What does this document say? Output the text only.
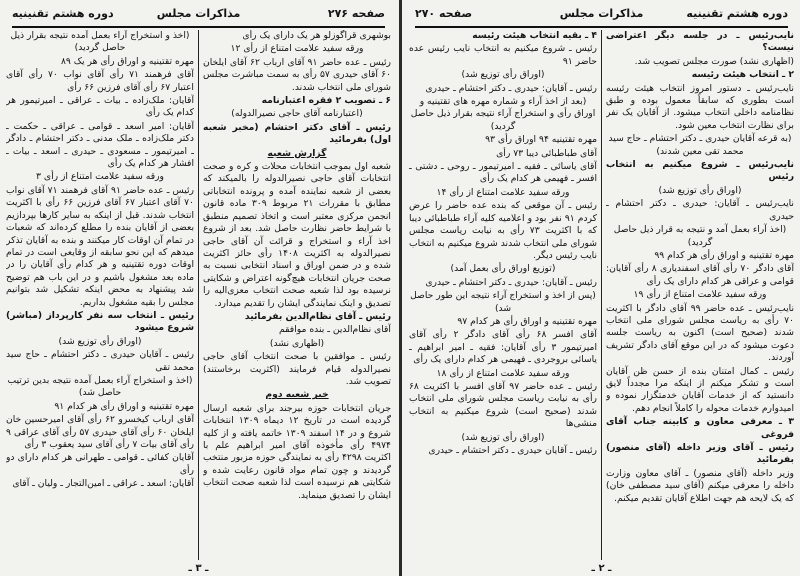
صفحه ۲۷۶
مذاکرات مجلس
دوره هشتم تقنینیه

بوشهری قراگوزلو هر یک دارای یک رأی

ورقه سفید علامت امتناع از رأی ۱۲

رئیس ـ عده حاضر ۹۱ آقای ارباب ۶۲ آقای ایلخان ۶۰ آقای حیدری ۵۷ رأی به سمت مباشرت مجلس شورای ملی انتخاب شدند.

۶ ـ تصویب ۲ فقره اعتبارنامه

(اعتبارنامه آقای حاجی نصیرالدوله)

رئیس ـ آقای دکتر احتشام (مخبر شعبه اول) بفرمائید

گزارش شعبه

شعبه اول بموجب انتخابات محلات و کره و صحت انتخابات آقای حاجی نصیرالدوله را بالمیکند که بعضی از شعبه نماینده آمده و پرونده انتخاباتی مطابق با مقررات ۲۱ مربوط ۳۰۹ ماده قانون انجمن مرکزی معتبر است و اتخاذ تصمیم منطبق با شرایط حاضر نظارت حاصل شد. بعد از شروع اخذ آراء و استخراج و قرائت آن آقای حاجی نصیرالدوله به اکثریت ۱۴۰۸ رأی حائز اکثریت شده و در ضمن اوراق و اسناد انتخابی نسبت به صحت جریان انتخابات هیچ‌گونه اعتراض و شکایتی نرسیده بود لذا شعبه صحت انتخاب معزی‌الیه را تصدیق و اینک نمایندگی ایشان را تقدیم میدارد.

رئیس ـ آقای نظام‌الدین بفرمائید

آقای نظام‌الدین ـ بنده موافقم

(اظهاری نشد)

رئیس ـ موافقین با صحت انتخاب آقای حاجی نصیرالدوله قیام فرمایند (اکثریت برخاستند) تصویب شد.

خبر شعبه دوم

جریان انتخابات حوزه بیرجند برای شعبه ارسال گردیده است در تاریخ ۱۲ دیماه ۱۳۰۹ انتخابات شروع و در ۱۴ اسفند ۱۳۰۹ خاتمه یافته و از کلیه ۴۹۷۴ رأی مأخوذه آقای امیر ابراهیم علم با اکثریت ۴۲۹۸ رأی به نمایندگی حوزه مزبور منتخب گردیدند و چون تمام مواد قانون رعایت شده و شکایتی هم نرسیده است لذا شعبه صحت انتخاب ایشان را تصدیق مینماید.

(اخذ و استخراج آراء بعمل آمده نتیجه بقرار ذیل حاصل گردید)

مهره تقتینیه و اوراق رأی هر یک ۸۹

آقای فرهمند ۷۱ رأی آقای نواب ۷۰ رأی آقای اعتبار ۶۷ رأی آقای فرزین ۶۶ رأی

آقایان: ملک‌زاده ـ بیات ـ عراقی ـ امیرتیمور هر کدام یک رأی

آقایان: امیر اسعد ـ قوامی ـ عراقی ـ حکمت ـ دکتر ملک‌زاده ـ ملک مدنی ـ دکتر احتشام ـ دادگر ـ امیرتیمور ـ مسعودی ـ حیدری ـ اسعد ـ بیات ـ افشار هر کدام یک رأی

ورقه سفید علامت امتناع از رأی ۳

رئیس ـ عده حاضر ۹۱ آقای فرهمند ۷۱ آقای نواب ۷۰ آقای اعتبار ۶۷ آقای فرزین ۶۶ رأی با اکثریت انتخاب شدند. قبل از اینکه به سایر کارها بپردازیم بعضی از آقایان بنده را مطلع کرده‌اند که شعبات در تمام آن اوقات کار میکنند و بنده به آقایان تذکر میدهم که این نحو سابقه از وقایعی است در تمام اوقات دوره تقتینیه و هر کدام رأی آقایان را در ماده بعد مشغول باشیم و در این باب هم توضیح شد پیشنهاد به محض اینکه تشکیل شد بتوانیم مجلس را بقیه مشغول بداریم.

رئیس ـ انتخاب سه نفر کارپرداز (مباشر) شروع میشود

(اوراق رأی توزیع شد)

رئیس ـ آقایان حیدری ـ دکتر احتشام ـ حاج سید محمد تقی

(اخذ و استخراج آراء بعمل آمده نتیجه بدین ترتیب حاصل شد)

مهره تقتینیه و اوراق رأی هر کدام ۹۱

آقای ارباب کیخسرو ۶۲ رأی آقای امیرحسین خان ایلخان ۶۰ رأی آقای حیدری ۵۷ رأی آقای عراقی ۹ رأی آقای بیات ۷ رأی آقای سید یعقوب ۳ رأی

آقایان کفائی ـ قوامی ـ طهرانی هر کدام دارای دو رأی

آقایان: اسعد ـ عراقی ـ امین‌التجار ـ ولیان ـ آقای

ـ ۳ ـ
دوره هشتم تقنینیه
مذاکرات مجلس
صفحه ۲۷۰

نایب‌رئیس ـ در جلسه دیگر اعتراضی نیست؟

(اظهاری نشد) صورت مجلس تصویب شد.

۲ ـ انتخاب هیئت رئیسه

نایب‌رئیس ـ دستور امروز انتخاب هیئت رئیسه است بطوری که سابقاً معمول بوده و طبق نظامنامه داخلی انتخاب میشود. از آقایان یک نفر برای نظارت انتخاب معین شود.

(به قرعه آقایان حیدری ـ دکتر احتشام ـ حاج سید محمد تقی معین شدند)

نایب‌رئیس ـ شروع میکنیم به انتخاب رئیس

(اوراق رأی توزیع شد)

نایب‌رئیس ـ آقایان: حیدری ـ دکتر احتشام ـ حیدری

(اخذ آراء بعمل آمد و نتیجه به قرار ذیل حاصل گردید)

مهره تقتینیه و اوراق رأی هر کدام ۹۹

آقای دادگر ۷۰ رأی آقای اسفندیاری ۸ رأی آقایان: قوامی و عراقی هر کدام دارای یک رأی

ورقه سفید علامت امتناع از رأی ۱۹

نایب‌رئیس ـ عده حاضر ۹۹ آقای دادگر با اکثریت ۷۰ رأی به ریاست مجلس شورای ملی انتخاب شدند (صحیح است) اکنون به ریاست جلسه دعوت میشود که در این موقع آقای دادگر تشریف آوردند.

رئیس ـ کمال امتنان بنده از حسن ظن آقایان است و تشکر میکنم از اینکه مرا مجدداً لایق دانستید که از خدمات آقایان خدمتگزار نموده و امیدوارم خدمات محوله را کاملاً انجام دهم.

۳ ـ معرفی معاون و کابینه جناب آقای فروغی

رئیس ـ آقای وزیر داخله (آقای منصور) بفرمائید

وزیر داخله (آقای منصور) ـ آقای معاون وزارت داخله را معرفی میکنم (آقای سید مصطفی خان) که یک لایحه هم جهت اطلاع آقایان تقدیم میکنم.

۴ ـ بقیه انتخاب هیئت رئیسه

رئیس ـ شروع میکنیم به انتخاب نایب رئیس عده حاضر ۹۱

(اوراق رأی توزیع شد)

رئیس ـ آقایان: حیدری ـ دکتر احتشام ـ حیدری

(بعد از اخذ آراء و شماره مهره های تقتینیه و اوراق رأی و استخراج آراء نتیجه بقرار ذیل حاصل گردید)

مهره تقتینیه ۹۴ اوراق رأی ۹۳

آقای طباطبائی دیبا ۷۳ رأی

آقای یاسائی ـ فقیه ـ امیرتیمور ـ روحی ـ دشتی ـ افسر ـ فهیمی هر کدام یک رأی

ورقه سفید علامت امتناع از رأی ۱۴

رئیس ـ آن موقعی که بنده عده حاضر را عرض کردم ۹۱ نفر بود و اعلامیه کلیه آراء طباطبائی دیبا که با اکثریت ۷۳ رأی به نیابت ریاست مجلس شورای ملی انتخاب شدند شروع میکنیم به انتخاب نایب رئیس دیگر.

(توزیع اوراق رأی بعمل آمد)

رئیس ـ آقایان: حیدری ـ دکتر احتشام ـ حیدری

(پس از اخذ و استخراج آراء نتیجه این طور حاصل شد)

مهره تقتینیه و اوراق رأی هر کدام ۹۷

آقای افسر ۶۸ رأی آقای دادگر ۲ رأی آقای امیرتیمور ۳ رأی آقایان: فقیه ـ امیر ابراهیم ـ یاسائی بروجردی ـ فهیمی هر کدام دارای یک رأی

ورقه سفید علامت امتناع از رأی ۱۸

رئیس ـ عده حاضر ۹۷ آقای افسر با اکثریت ۶۸ رأی به نیابت ریاست مجلس شورای ملی انتخاب شدند (صحیح است) شروع میکنیم به انتخاب منشی‌ها

(اوراق رأی توزیع شد)

رئیس ـ آقایان حیدری ـ دکتر احتشام ـ حیدری

ـ ۲ ـ
